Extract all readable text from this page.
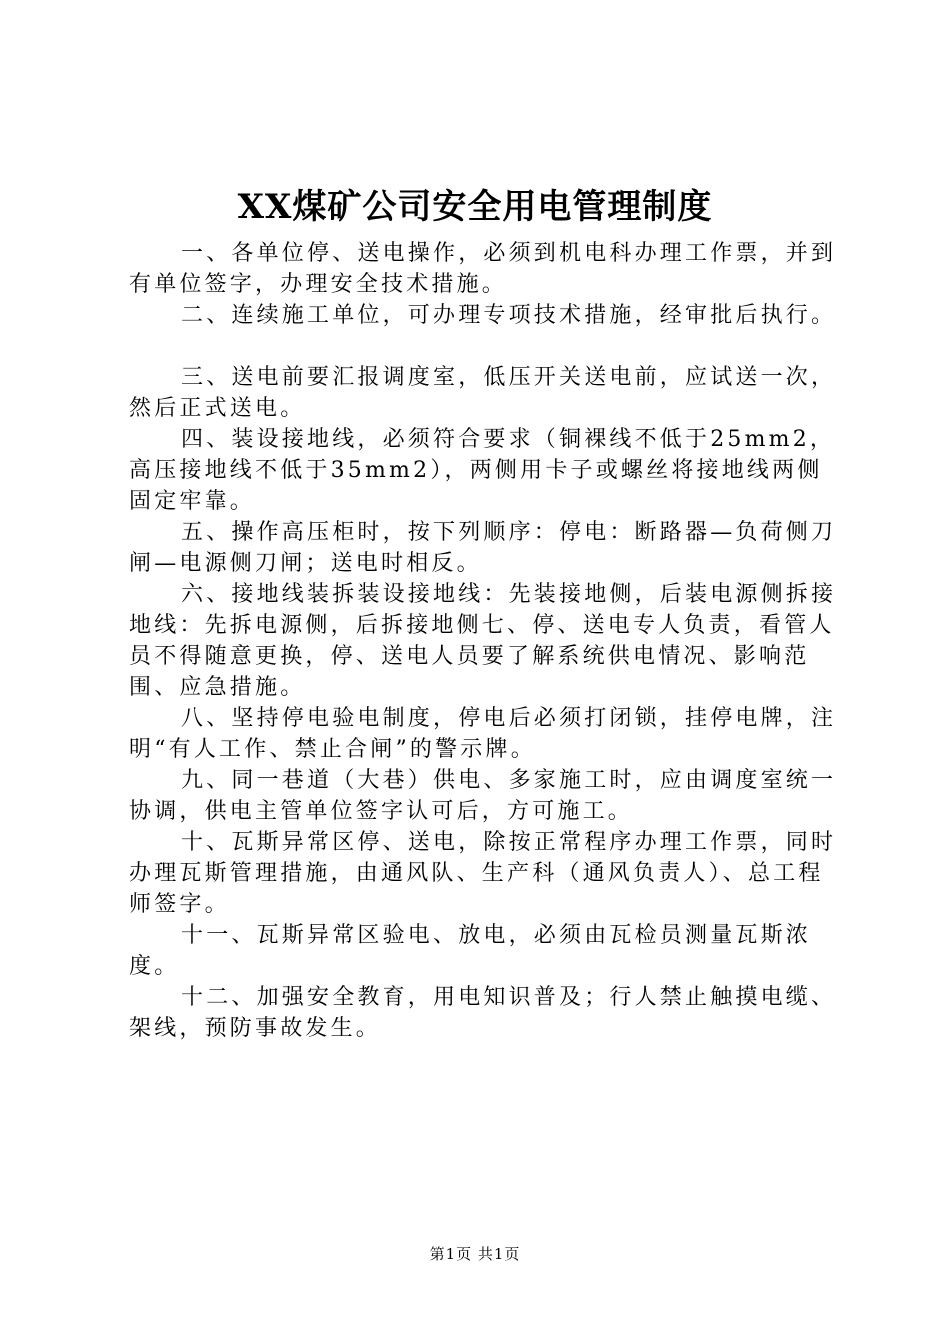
XX煤矿公司安全用电管理制度

一、各单位停、送电操作，必须到机电科办理工作票，并到有单位签字，办理安全技术措施。

二、连续施工单位，可办理专项技术措施，经审批后执行。

三、送电前要汇报调度室，低压开关送电前，应试送一次，然后正式送电。

四、装设接地线，必须符合要求（铜裸线不低于25mm2，高压接地线不低于35mm2），两侧用卡子或螺丝将接地线两侧固定牢靠。

五、操作高压柜时，按下列顺序：停电：断路器—负荷侧刀闸—电源侧刀闸；送电时相反。

六、接地线装拆装设接地线：先装接地侧，后装电源侧拆接地线：先拆电源侧，后拆接地侧七、停、送电专人负责，看管人员不得随意更换，停、送电人员要了解系统供电情况、影响范围、应急措施。

八、坚持停电验电制度，停电后必须打闭锁，挂停电牌，注明“有人工作、禁止合闸”的警示牌。

九、同一巷道（大巷）供电、多家施工时，应由调度室统一协调，供电主管单位签字认可后，方可施工。

十、瓦斯异常区停、送电，除按正常程序办理工作票，同时办理瓦斯管理措施，由通风队、生产科（通风负责人）、总工程师签字。

十一、瓦斯异常区验电、放电，必须由瓦检员测量瓦斯浓度。

十二、加强安全教育，用电知识普及；行人禁止触摸电缆、架线，预防事故发生。

第1页 共1页
